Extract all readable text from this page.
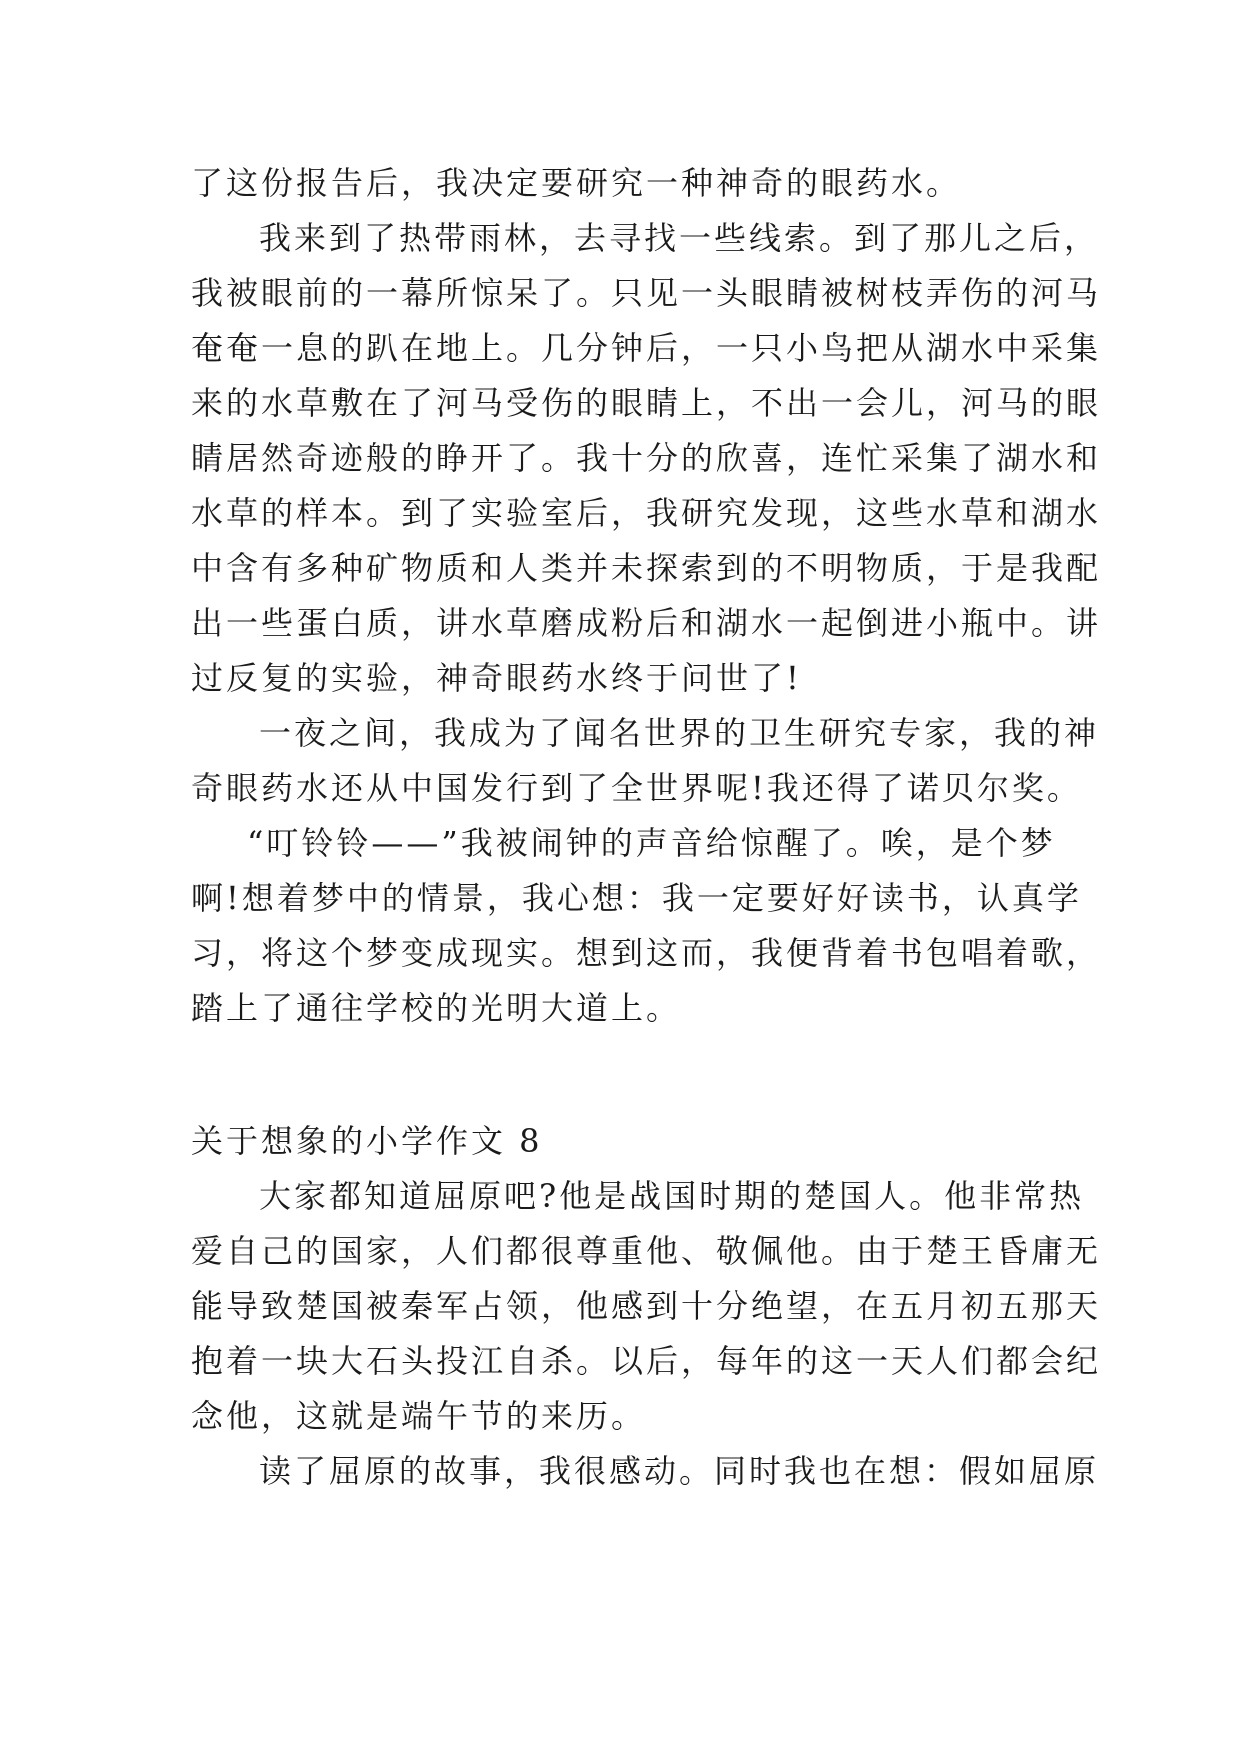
了这份报告后，我决定要研究一种神奇的眼药水。
我来到了热带雨林，去寻找一些线索。到了那儿之后，
我被眼前的一幕所惊呆了。只见一头眼睛被树枝弄伤的河马
奄奄一息的趴在地上。几分钟后，一只小鸟把从湖水中采集
来的水草敷在了河马受伤的眼睛上，不出一会儿，河马的眼
睛居然奇迹般的睁开了。我十分的欣喜，连忙采集了湖水和
水草的样本。到了实验室后，我研究发现，这些水草和湖水
中含有多种矿物质和人类并未探索到的不明物质，于是我配
出一些蛋白质，讲水草磨成粉后和湖水一起倒进小瓶中。讲
过反复的实验，神奇眼药水终于问世了!
一夜之间，我成为了闻名世界的卫生研究专家，我的神
奇眼药水还从中国发行到了全世界呢!我还得了诺贝尔奖。
“叮铃铃——”我被闹钟的声音给惊醒了。唉，是个梦
啊!想着梦中的情景，我心想：我一定要好好读书，认真学
习，将这个梦变成现实。想到这而，我便背着书包唱着歌，
踏上了通往学校的光明大道上。
关于想象的小学作文 8
大家都知道屈原吧?他是战国时期的楚国人。他非常热
爱自己的国家，人们都很尊重他、敬佩他。由于楚王昏庸无
能导致楚国被秦军占领，他感到十分绝望，在五月初五那天
抱着一块大石头投江自杀。以后，每年的这一天人们都会纪
念他，这就是端午节的来历。
读了屈原的故事，我很感动。同时我也在想：假如屈原
